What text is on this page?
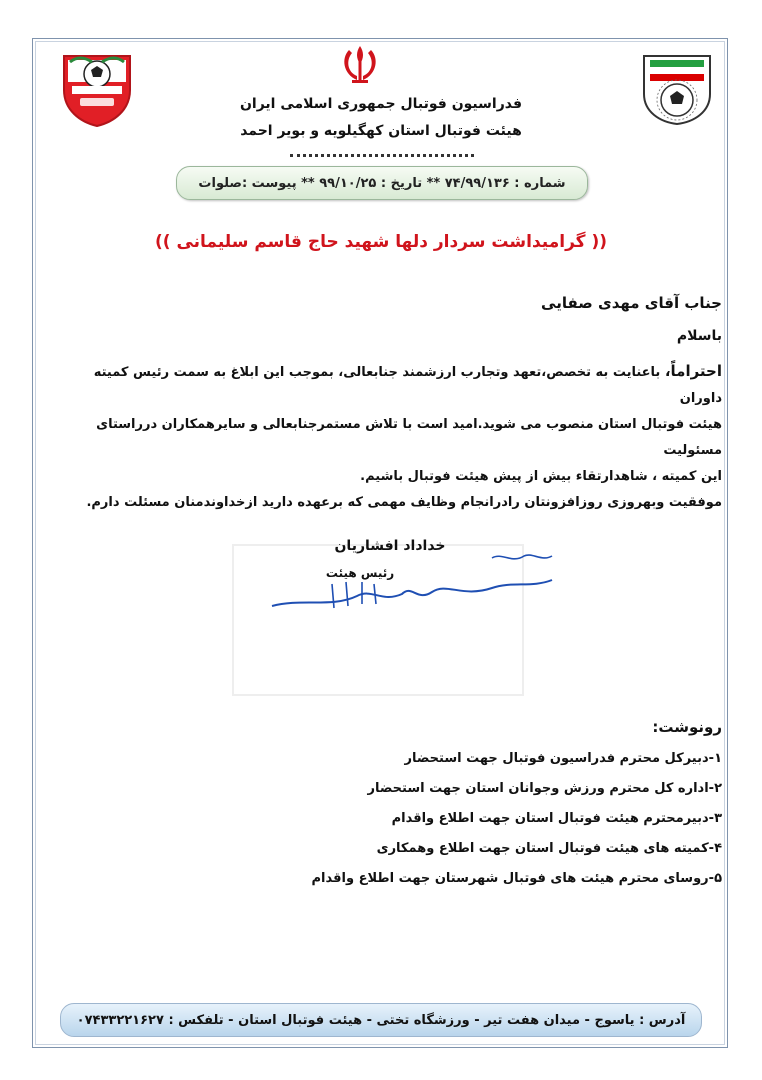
فدراسیون فوتبال جمهوری اسلامی ایران
هیئت فوتبال استان کهگیلویه و بویر احمد
شماره : ۷۴/۹۹/۱۳۶ ** تاریخ : ۹۹/۱۰/۲۵ ** پیوست :صلوات
(( گرامیداشت سردار دلها شهید حاج قاسم سلیمانی ))
جناب آقای مهدی صفایی
باسلام

احتراماً، باعنایت به تخصص،تعهد وتجارب ارزشمند جنابعالی، بموجب این ابلاغ به سمت رئیس کمیته داوران

هیئت فوتبال استان منصوب می شوید.امید است با تلاش مستمرجنابعالی و سایرهمکاران درراستای مسئولیت

این کمیته ، شاهدارتقاء بیش از پیش هیئت فوتبال باشیم.

موفقیت وبهروزی روزافزونتان رادرانجام وظایف مهمی که برعهده دارید ازخداوندمنان مسئلت دارم.

خداداد افشاریان
رئیس هیئت
رونوشت:
۱-دبیرکل محترم فدراسیون فوتبال جهت استحضار
۲-اداره کل محترم ورزش وجوانان استان جهت استحضار
۳-دبیرمحترم هیئت فوتبال استان جهت اطلاع واقدام
۴-کمیته های هیئت فوتبال استان جهت اطلاع وهمکاری
۵-روسای محترم هیئت های فوتبال شهرستان جهت اطلاع واقدام
آدرس : یاسوج - میدان هفت تیر - ورزشگاه تختی - هیئت فوتبال استان - تلفکس : ۰۷۴۳۳۲۲۱۶۲۷
